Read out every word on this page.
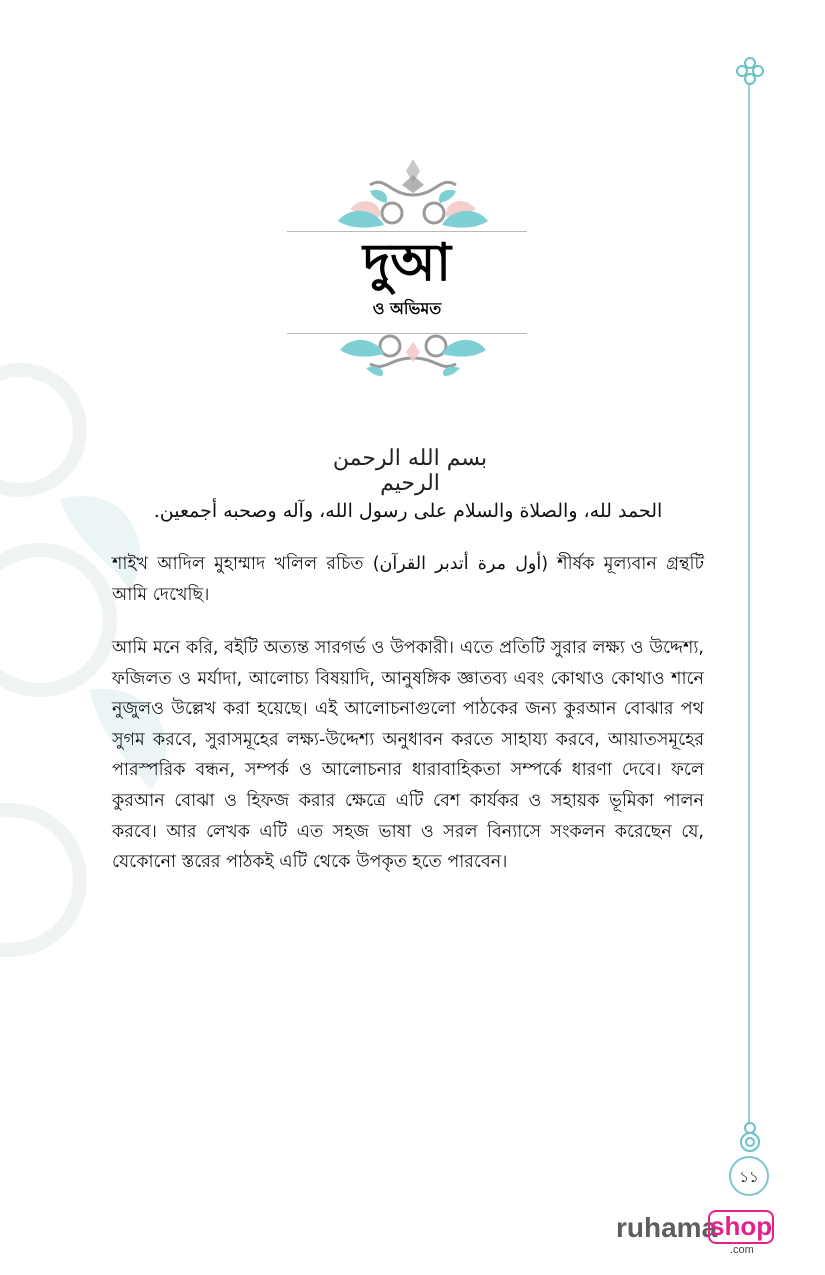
১১
দুআ
ও অভিমত
بسم الله الرحمن الرحيم
الحمد لله، والصلاة والسلام على رسول الله، وآله وصحبه أجمعين.

শাইখ আদিল মুহাম্মাদ খলিল রচিত (أول مرة أتدبر القرآن) শীর্ষক মূল্যবান গ্রন্থটি আমি দেখেছি।

আমি মনে করি, বইটি অত্যন্ত সারগর্ভ ও উপকারী। এতে প্রতিটি সুরার লক্ষ্য ও উদ্দেশ্য, ফজিলত ও মর্যাদা, আলোচ্য বিষয়াদি, আনুষঙ্গিক জ্ঞাতব্য এবং কোথাও কোথাও শানে নুজুলও উল্লেখ করা হয়েছে। এই আলোচনাগুলো পাঠকের জন্য কুরআন বোঝার পথ সুগম করবে, সুরাসমূহের লক্ষ্য-উদ্দেশ্য অনুধাবন করতে সাহায্য করবে, আয়াতসমূহের পারস্পরিক বন্ধন, সম্পর্ক ও আলোচনার ধারাবাহিকতা সম্পর্কে ধারণা দেবে। ফলে কুরআন বোঝা ও হিফজ করার ক্ষেত্রে এটি বেশ কার্যকর ও সহায়ক ভূমিকা পালন করবে। আর লেখক এটি এত সহজ ভাষা ও সরল বিন্যাসে সংকলন করেছেন যে, যেকোনো স্তরের পাঠকই এটি থেকে উপকৃত হতে পারবেন।

ruhama
shop
.com
